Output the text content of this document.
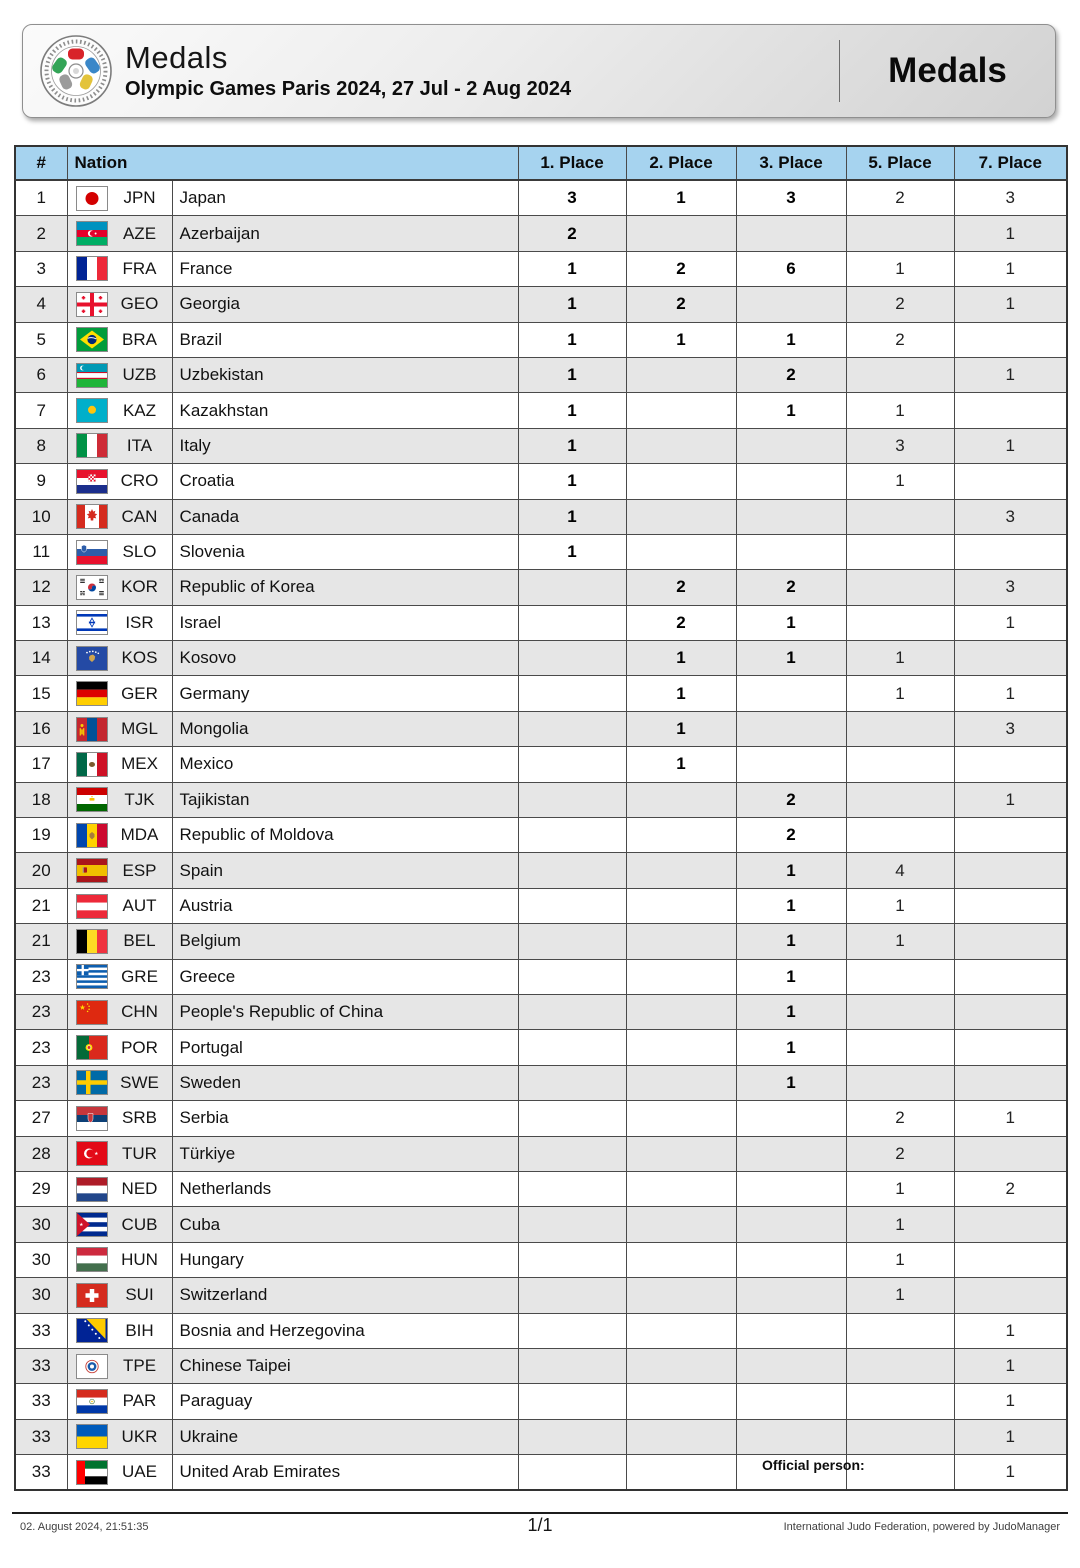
Medals
Olympic Games Paris 2024, 27 Jul - 2 Aug 2024	Medals
#	Nation	1. Place	2. Place	3. Place	5. Place	7. Place
1	JPN Japan	3	1	3	2	3
2	AZE Azerbaijan	2				1
3	FRA France	1	2	6	1	1
4	GEO Georgia	1	2		2	1
5	BRA Brazil	1	1	1	2	
6	UZB Uzbekistan	1		2		1
7	KAZ Kazakhstan	1		1	1	
8	ITA Italy	1			3	1
9	CRO Croatia	1			1	
10	CAN Canada	1				3
11	SLO Slovenia	1				
12	KOR Republic of Korea		2	2		3
13	ISR Israel		2	1		1
14	KOS Kosovo		1	1	1	
15	GER Germany		1		1	1
16	MGL Mongolia		1			3
17	MEX Mexico		1			
18	TJK Tajikistan			2		1
19	MDA Republic of Moldova			2		
20	ESP Spain			1	4	
21	AUT Austria			1	1	
21	BEL Belgium			1	1	
23	GRE Greece			1		
23	CHN People's Republic of China			1		
23	POR Portugal			1		
23	SWE Sweden			1		
27	SRB Serbia				2	1
28	TUR Türkiye				2	
29	NED Netherlands				1	2
30	CUB Cuba				1	
30	HUN Hungary				1	
30	SUI Switzerland				1	
33	BIH Bosnia and Herzegovina					1
33	TPE Chinese Taipei					1
33	PAR Paraguay					1
33	UKR Ukraine					1
33	UAE United Arab Emirates					1
Official person:
02. August 2024, 21:51:35	1/1	International Judo Federation, powered by JudoManager
